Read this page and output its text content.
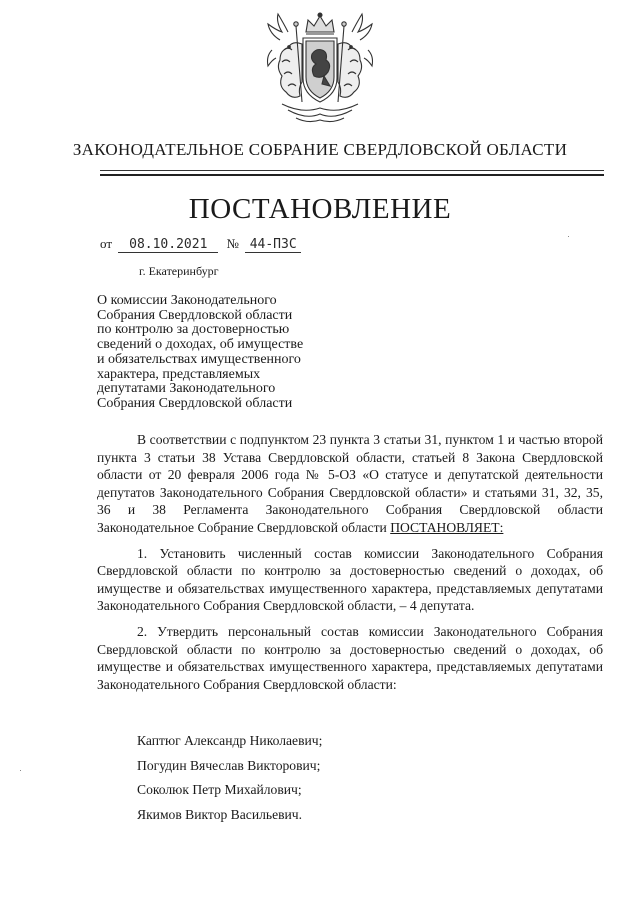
ЗАКОНОДАТЕЛЬНОЕ СОБРАНИЕ СВЕРДЛОВСКОЙ ОБЛАСТИ
ПОСТАНОВЛЕНИЕ
от 08.10.2021 № 44-ПЗС
г. Екатеринбург
О комиссии Законодательного
Собрания Свердловской области
по контролю за достоверностью
сведений о доходах, об имуществе
и обязательствах имущественного
характера, представляемых
депутатами Законодательного
Собрания Свердловской области

В соответствии с подпунктом 23 пункта 3 статьи 31, пунктом 1 и частью второй пункта 3 статьи 38 Устава Свердловской области, статьей 8 Закона Свердловской области от 20 февраля 2006 года № 5-ОЗ «О статусе и депутатской деятельности депутатов Законодательного Собрания Свердловской области» и статьями 31, 32, 35, 36 и 38 Регламента Законодательного Собрания Свердловской области Законодательное Собрание Свердловской области ПОСТАНОВЛЯЕТ:

1. Установить численный состав комиссии Законодательного Собрания Свердловской области по контролю за достоверностью сведений о доходах, об имуществе и обязательствах имущественного характера, представляемых депутатами Законодательного Собрания Свердловской области, – 4 депутата.

2. Утвердить персональный состав комиссии Законодательного Собрания Свердловской области по контролю за достоверностью сведений о доходах, об имуществе и обязательствах имущественного характера, представляемых депутатами Законодательного Собрания Свердловской области:

Каптюг Александр Николаевич;
Погудин Вячеслав Викторович;
Соколюк Петр Михайлович;
Якимов Виктор Васильевич.
